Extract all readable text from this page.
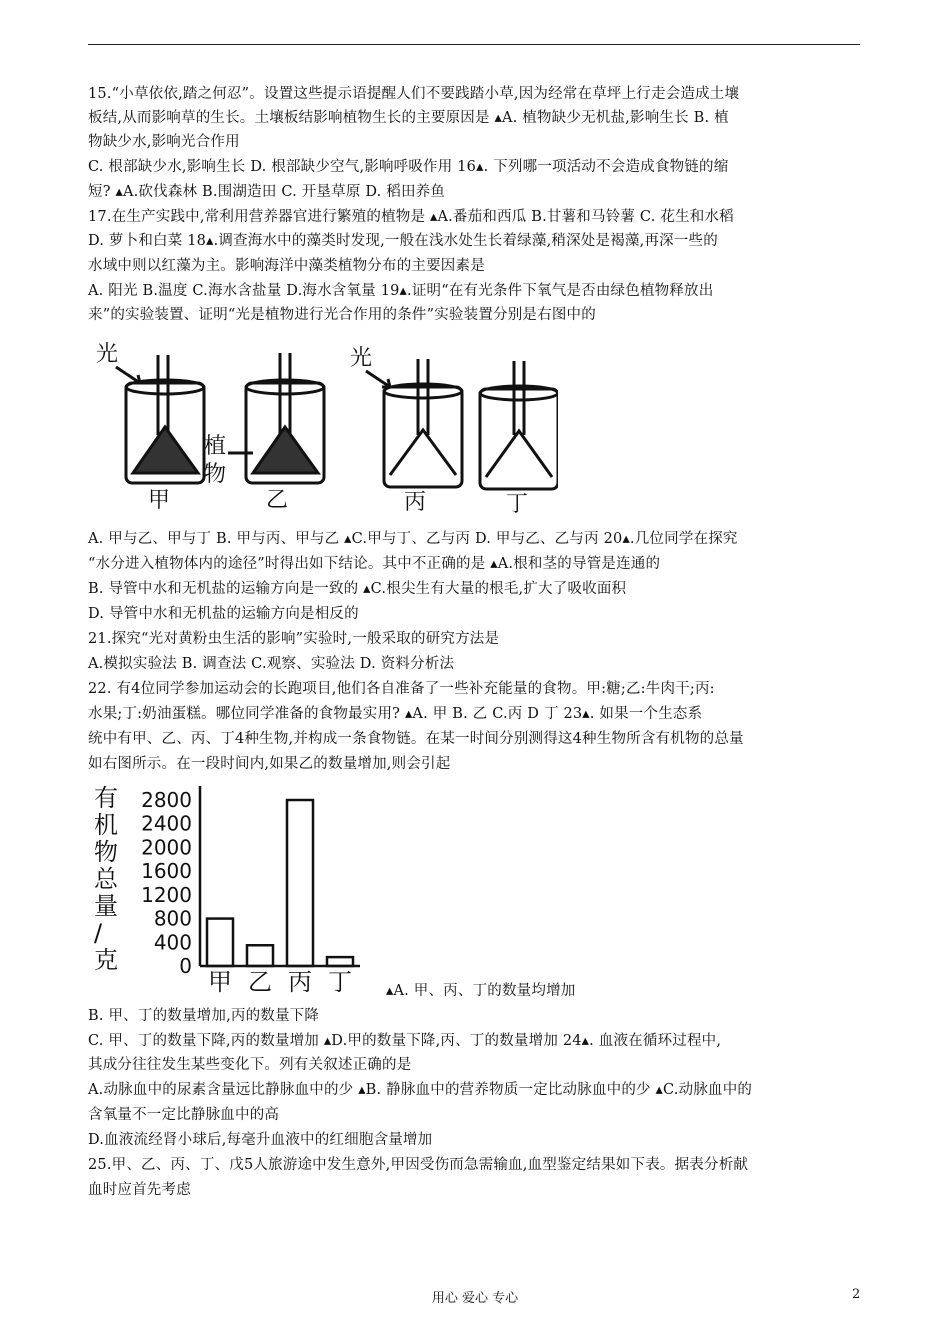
15.“小草依依,踏之何忍”。设置这些提示语提醒人们不要践踏小草,因为经常在草坪上行走会造成土壤
板结,从而影响草的生长。土壤板结影响植物生长的主要原因是 ▴A. 植物缺少无机盐,影响生长 B. 植
物缺少水,影响光合作用
C. 根部缺少水,影响生长 D. 根部缺少空气,影响呼吸作用 16▴. 下列哪一项活动不会造成食物链的缩
短? ▴A.砍伐森林 B.围湖造田 C. 开垦草原 D. 稻田养鱼
17.在生产实践中,常利用营养器官进行繁殖的植物是 ▴A.番茄和西瓜 B.甘薯和马铃薯 C. 花生和水稻
D. 萝卜和白菜 18▴.调查海水中的藻类时发现,一般在浅水处生长着绿藻,稍深处是褐藻,再深一些的
水域中则以红藻为主。影响海洋中藻类植物分布的主要因素是
A. 阳光 B.温度 C.海水含盐量 D.海水含氧量 19▴.证明“在有光条件下氧气是否由绿色植物释放出
来”的实验装置、证明“光是植物进行光合作用的条件”实验装置分别是右图中的
光	光
植
物
甲	乙	丙	丁
A. 甲与乙、甲与丁 B. 甲与丙、甲与乙 ▴C.甲与丁、乙与丙 D. 甲与乙、乙与丙 20▴.几位同学在探究
“水分进入植物体内的途径”时得出如下结论。其中不正确的是 ▴A.根和茎的导管是连通的
B. 导管中水和无机盐的运输方向是一致的 ▴C.根尖生有大量的根毛,扩大了吸收面积
D. 导管中水和无机盐的运输方向是相反的
21.探究“光对黄粉虫生活的影响”实验时,一般采取的研究方法是
A.模拟实验法 B. 调查法 C.观察、实验法 D. 资料分析法
22. 有4位同学参加运动会的长跑项目,他们各自准备了一些补充能量的食物。甲:糖;乙:牛肉干;丙:
水果;丁:奶油蛋糕。哪位同学准备的食物最实用? ▴A. 甲 B. 乙 C.丙 D 丁 23▴. 如果一个生态系
统中有甲、乙、丙、丁4种生物,并构成一条食物链。在某一时间分别测得这4种生物所含有机物的总量
如右图所示。在一段时间内,如果乙的数量增加,则会引起
有
机
物
总
量
/
克
2800
2400
2000
1600
1200
800
400
0
甲 乙 丙 丁 ▴A. 甲、丙、丁的数量均增加
B. 甲、丁的数量增加,丙的数量下降
C. 甲、丁的数量下降,丙的数量增加 ▴D.甲的数量下降,丙、丁的数量增加 24▴. 血液在循环过程中,
其成分往往发生某些变化下。列有关叙述正确的是
A.动脉血中的尿素含量远比静脉血中的少 ▴B. 静脉血中的营养物质一定比动脉血中的少 ▴C.动脉血中的
含氧量不一定比静脉血中的高
D.血液流经肾小球后,每毫升血液中的红细胞含量增加
25.甲、乙、丙、丁、戊5人旅游途中发生意外,甲因受伤而急需输血,血型鉴定结果如下表。据表分析献
血时应首先考虑
用心 爱心 专心	2
